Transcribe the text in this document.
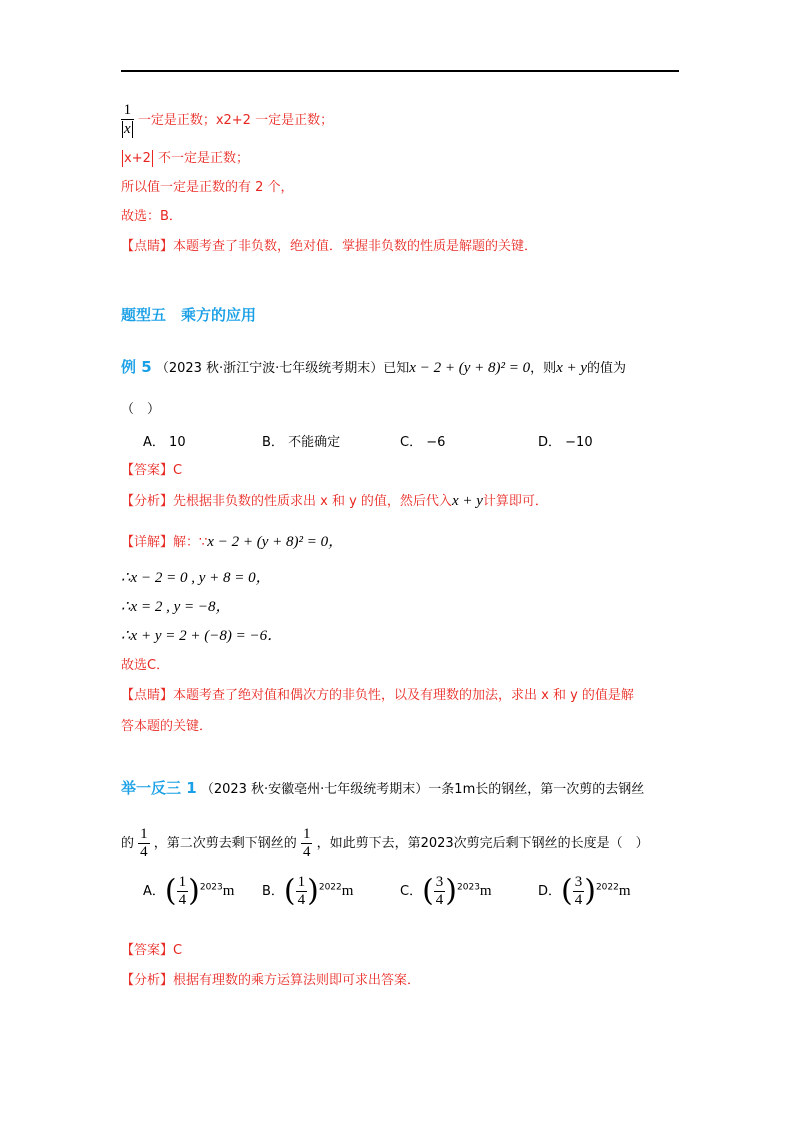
$\frac{1}{x}$ 一定是正数；x2+2 一定是正数；
x+2 不一定是正数；
所以值一定是正数的有 2 个，
故选：B．
【点睛】本题考查了非负数，绝对值．掌握非负数的性质是解题的关键．
题型五　乘方的应用
例 5 （2023 秋·浙江宁波·七年级统考期末）已知x − 2 + (y + 8)² = 0，则x + y的值为
（　）
A． 10	B． 不能确定	C． −6	D． −10
【答案】C
【分析】先根据非负数的性质求出 x 和 y 的值，然后代入x + y计算即可．
【详解】解：∵x − 2 + (y + 8)² = 0，
∴x − 2 = 0 , y + 8 = 0，
∴x = 2 , y = −8，
∴x + y = 2 + (−8) = −6．
故选C．
【点睛】本题考查了绝对值和偶次方的非负性，以及有理数的加法，求出 x 和 y 的值是解
答本题的关键．
举一反三 1 （2023 秋·安徽亳州·七年级统考期末）一条1m长的钢丝，第一次剪的去钢丝
的 $\frac{1}{4}$ ，第二次剪去剩下钢丝的 $\frac{1}{4}$ ，如此剪下去，第2023次剪完后剩下钢丝的长度是（　）
A．( $\frac{1}{4} )^{2023}m$ B．( $\frac{1}{4} )^{2022}m$	C．( $\frac{3}{4} )^{2023}m$	D．( $\frac{3}{4} )^{2022}m$
【答案】C
【分析】根据有理数的乘方运算法则即可求出答案．
